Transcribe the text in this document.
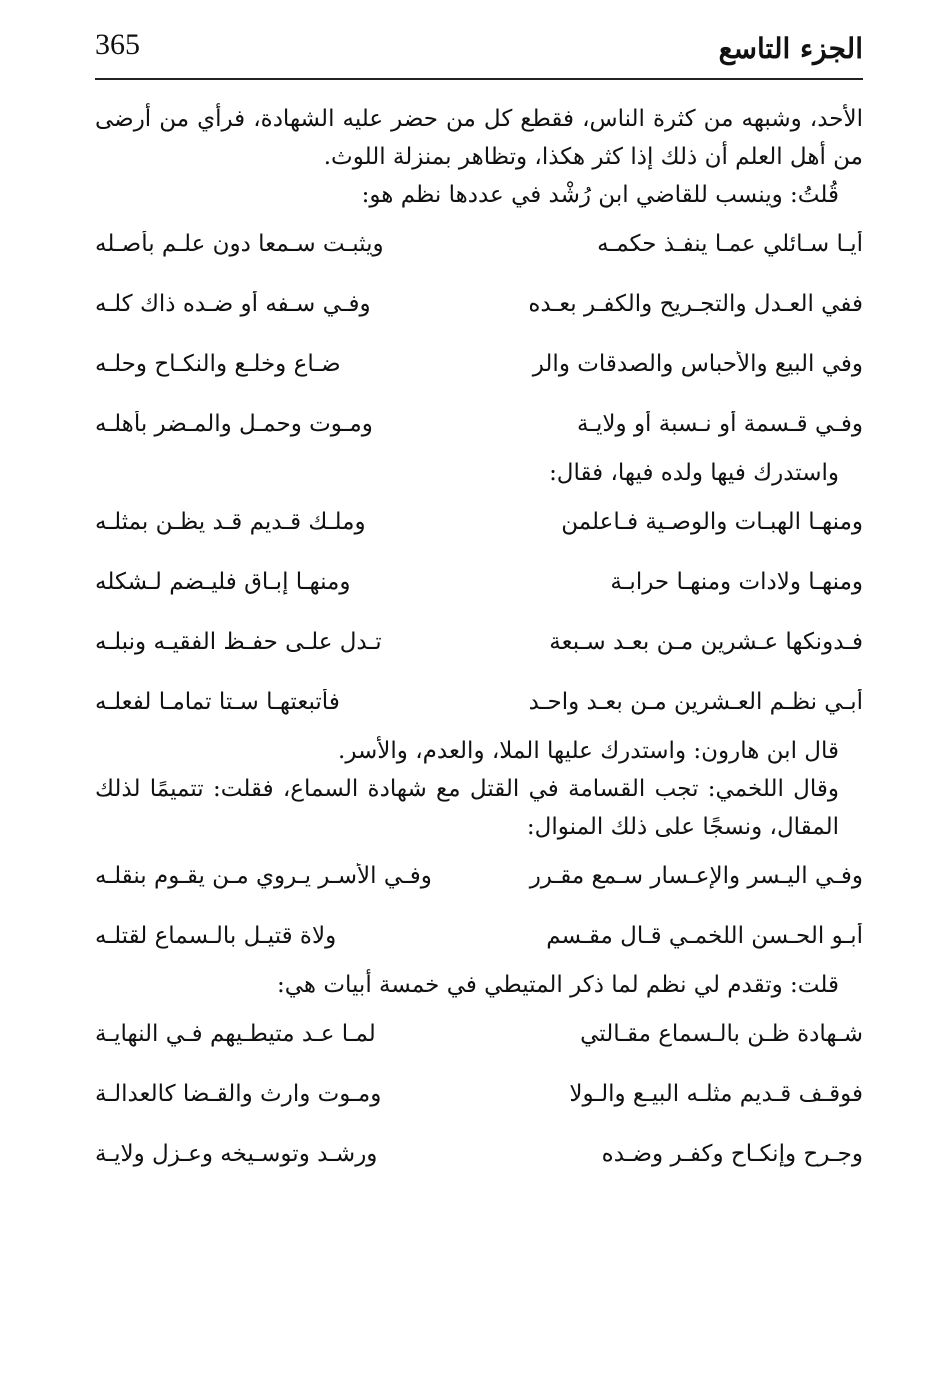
365	الجزء التاسع

الأحد، وشبهه من كثرة الناس، فقطع كل من حضر عليه الشهادة، فرأي من أرضى من أهل العلم أن ذلك إذا كثر هكذا، وتظاهر بمنزلة اللوث.

قُلتُ: وينسب للقاضي ابن رُشْد في عددها نظم هو:

أيـا سـائلي عمـا ينفـذ حكمـه
ويثبـت سـمعا دون علـم بأصـله
ففي العـدل والتجـريح والكفـر بعـده
وفـي سـفه أو ضـده ذاك كلـه
وفي البيع والأحباس والصدقات والر
ضـاع وخلـع والنكـاح وحلـه
وفـي قـسمة أو نـسبة أو ولايـة
ومـوت وحمـل والمـضر بأهلـه

واستدرك فيها ولده فيها، فقال:

ومنهـا الهبـات والوصـية فـاعلمن
وملـك قـديم قـد يظـن بمثلـه
ومنهـا ولادات ومنهـا حرابـة
ومنهـا إبـاق فليـضم لـشكله
فـدونكها عـشرين مـن بعـد سـبعة
تـدل علـى حفـظ الفقيـه ونبلـه
أبـي نظـم العـشرين مـن بعـد واحـد
فأتبعتهـا سـتا تمامـا لفعلـه

قال ابن هارون: واستدرك عليها الملا، والعدم، والأسر.

وقال اللخمي: تجب القسامة في القتل مع شهادة السماع، فقلت: تتميمًا لذلك المقال، ونسجًا على ذلك المنوال:

وفـي اليـسر والإعـسار سـمع مقـرر
وفـي الأسـر يـروي مـن يقـوم بنقلـه
أبـو الحـسن اللخمـي قـال مقـسم
ولاة قتيـل بالـسماع لقتلـه

قلت: وتقدم لي نظم لما ذكر المتيطي في خمسة أبيات هي:

شـهادة ظـن بالـسماع مقـالتي
لمـا عـد متيطـيهم فـي النهايـة
فوقـف قـديم مثلـه البيـع والـولا
ومـوت وارث والقـضا كالعدالـة
وجـرح وإنكـاح وكفـر وضـده
ورشـد وتوسـيخه وعـزل ولايـة
